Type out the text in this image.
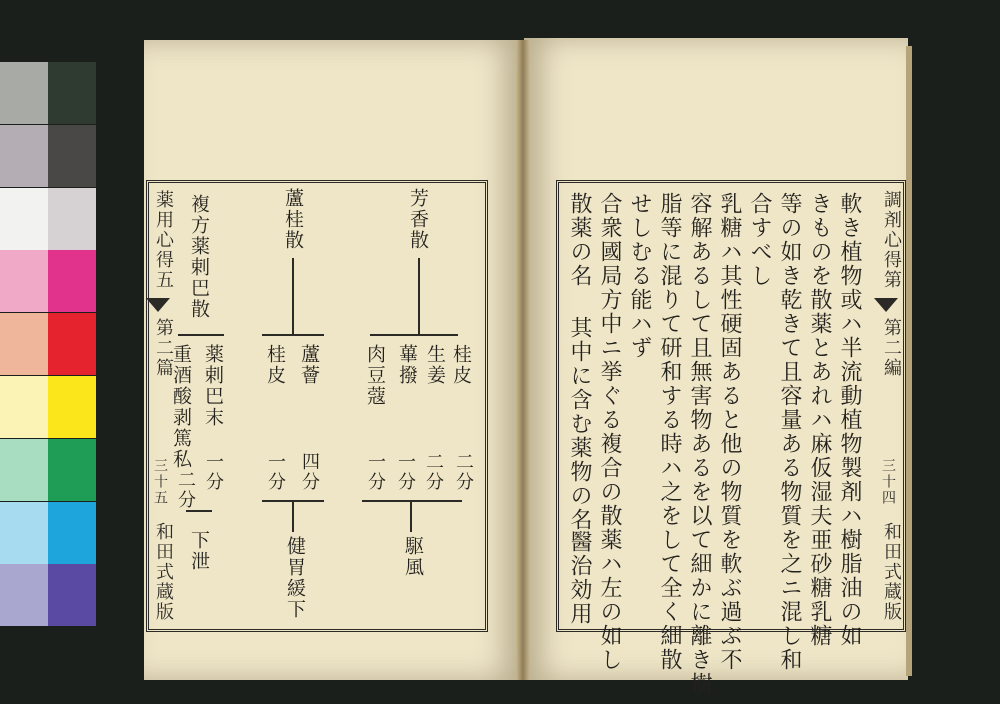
薬用心得五
第二篇
三十五
和田式蔵版
芳香散
桂皮
生姜
蓽撥
肉豆蔻
二分
二分
一分
一分
駆風
蘆桂散
蘆薈
桂皮
四分
一分
健胃緩下
複方薬剌巴散
薬剌巴末
重酒酸剥篤私
一分
二分
下泄
調剤心得第
第二編
三十四
和田式蔵版
軟き植物或ハ半流動植物製剤ハ樹脂油の如
きものを散薬とあれハ麻仮湿夫亜砂糖乳糖
等の如き乾きて且容量ある物質を之ニ混し和
合すべし
乳糖ハ其性硬固あると他の物質を軟ぶ過ぶ不
容解あるして且無害物あるを以て細かに離き樹
脂等に混りて研和する時ハ之をして全く細散
せしむる能ハず
合衆國局方中ニ挙ぐる複合の散薬ハ左の如し
散薬の名
其中に含む薬物の名
醫治効用
